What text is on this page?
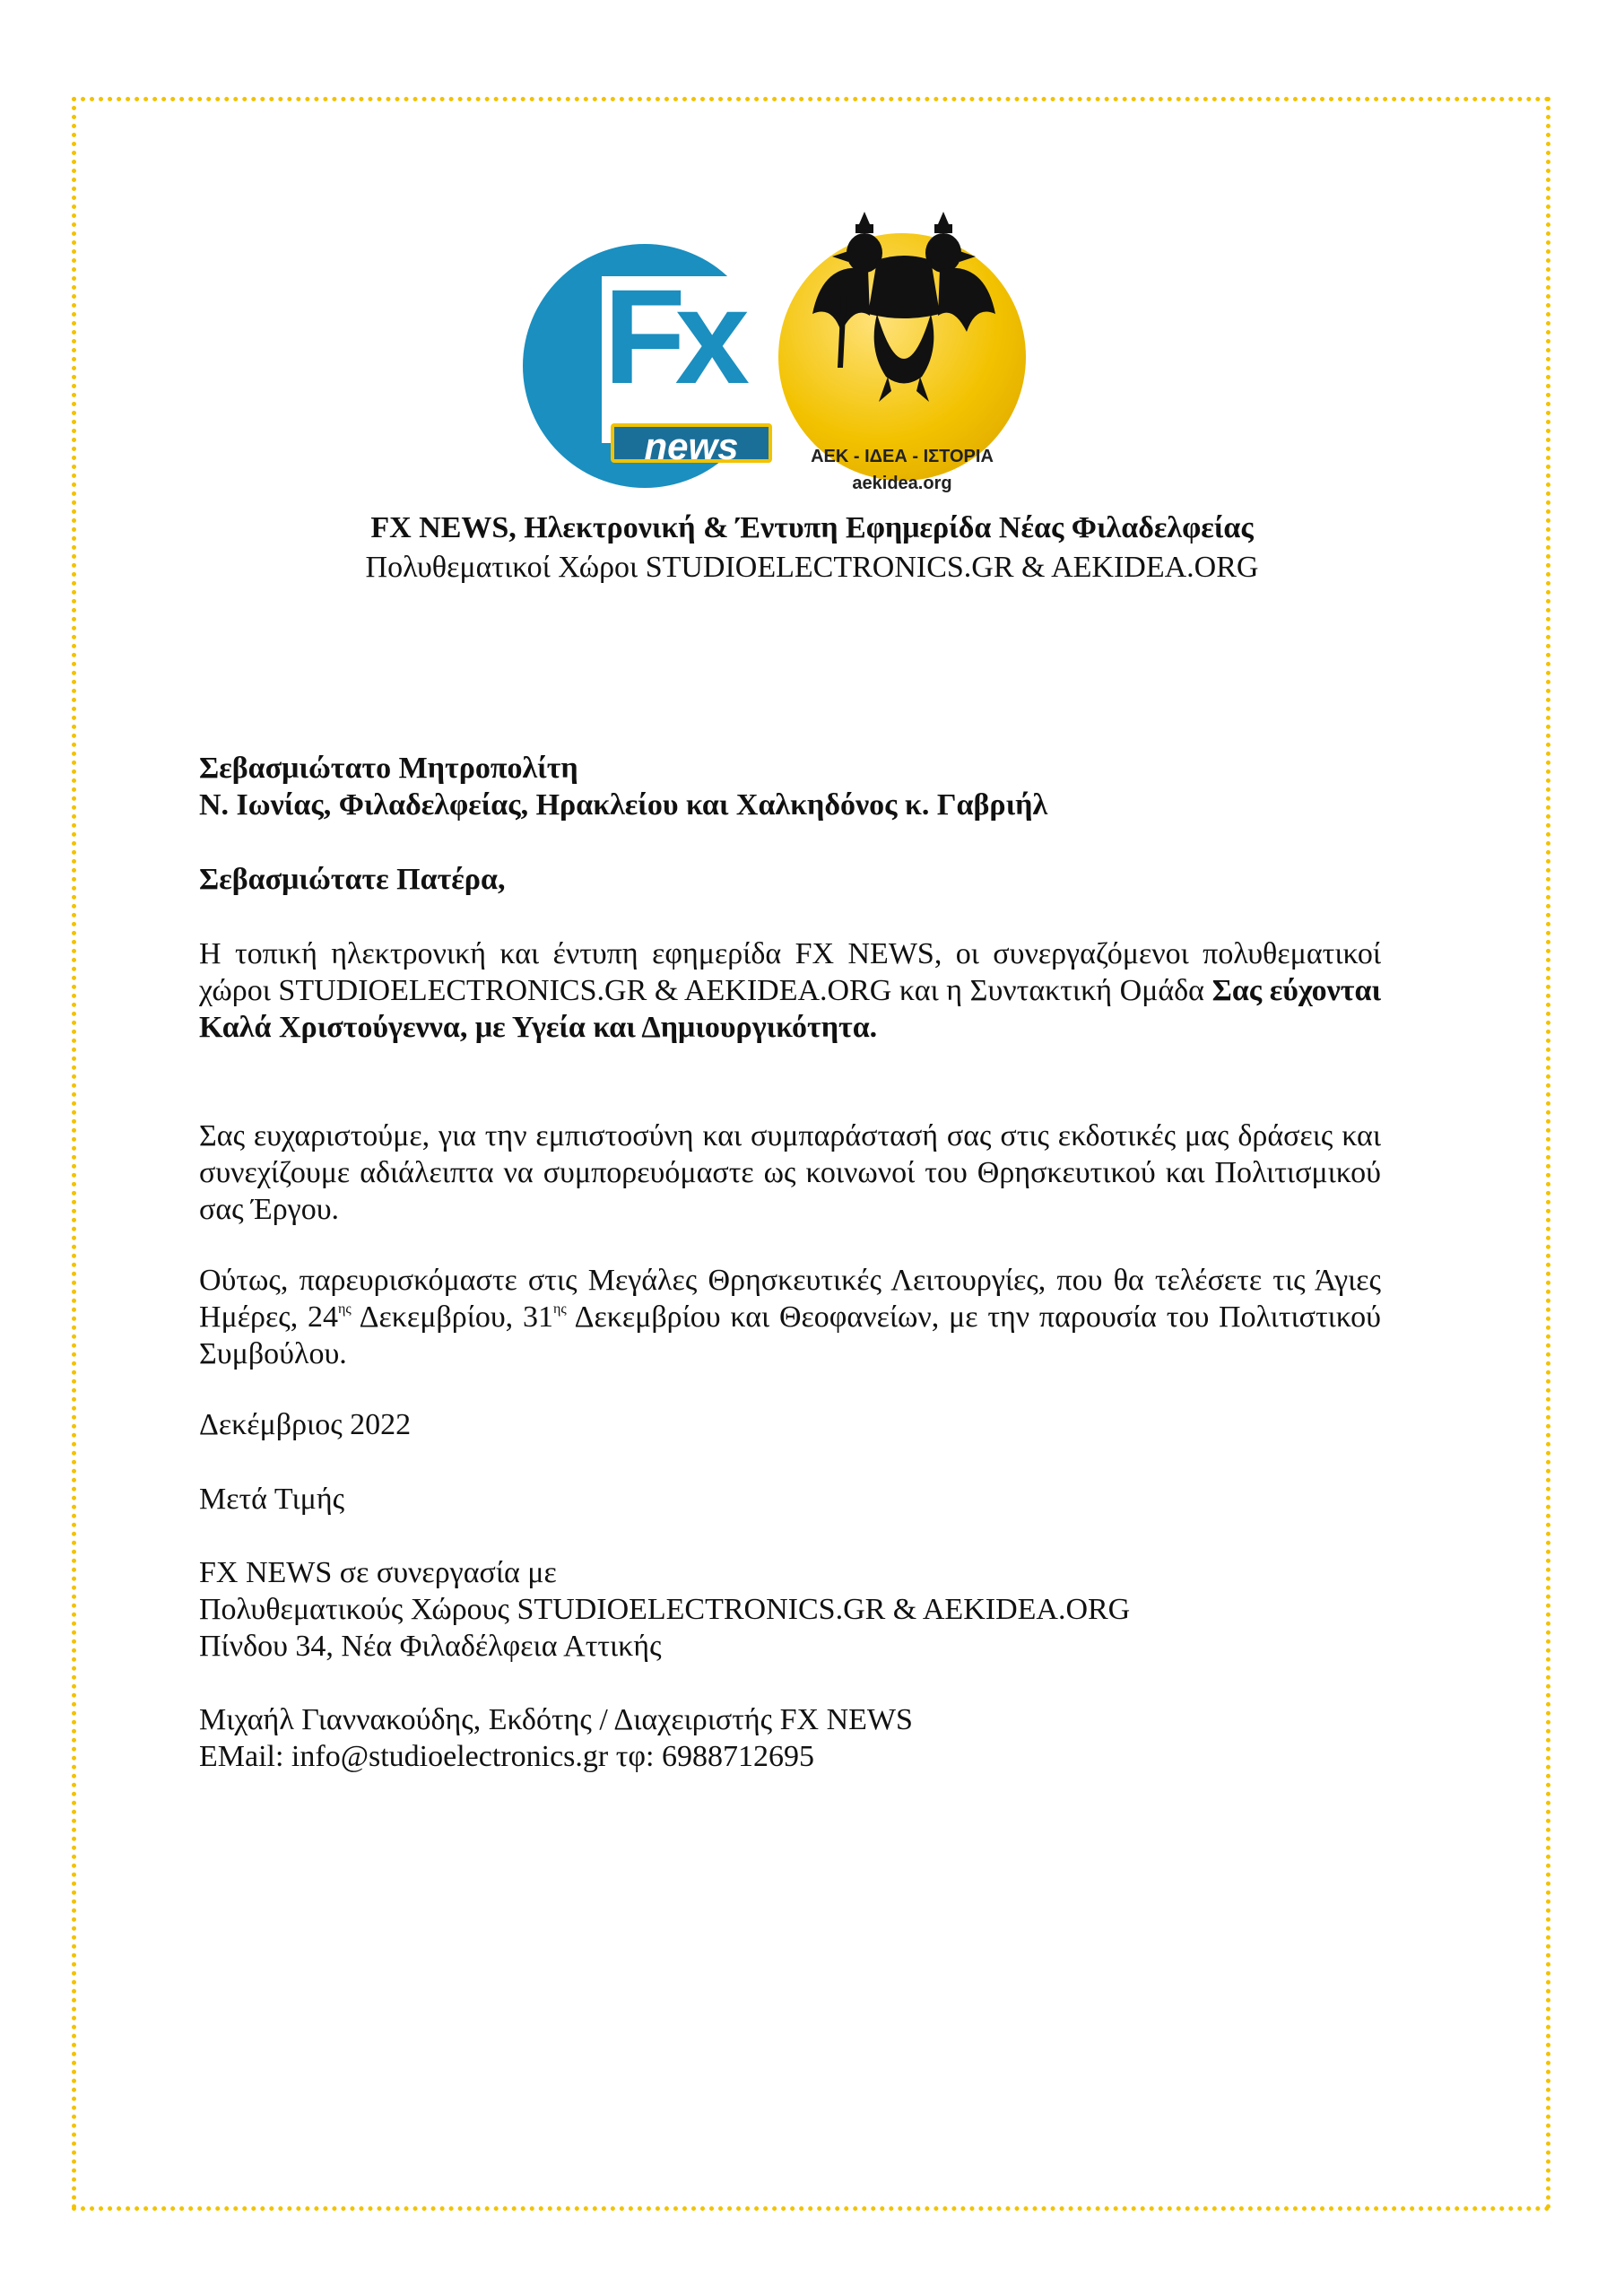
Fx
news	ΑΕΚ - ΙΔΕΑ - ΙΣΤΟΡΙΑ
aekidea.org
FX NEWS, Ηλεκτρονική & Έντυπη Εφημερίδα Νέας Φιλαδελφείας
Πολυθεματικοί Χώροι STUDIOELECTRONICS.GR & AEKIDEA.ORG

Σεβασμιώτατο Μητροπολίτη

Ν. Ιωνίας, Φιλαδελφείας, Ηρακλείου και Χαλκηδόνος κ. Γαβριήλ

Σεβασμιώτατε Πατέρα,

Η τοπική ηλεκτρονική και έντυπη εφημερίδα FX NEWS, οι συνεργαζόμενοι πολυθεματικοί χώροι STUDIOELECTRONICS.GR & AEKIDEA.ORG και η Συντακτική Ομάδα Σας εύχονται Καλά Χριστούγεννα, με Υγεία και Δημιουργικότητα.

Σας ευχαριστούμε, για την εμπιστοσύνη και συμπαράστασή σας στις εκδοτικές μας δράσεις και συνεχίζουμε αδιάλειπτα να συμπορευόμαστε ως κοινωνοί του Θρησκευτικού και Πολιτισμικού σας Έργου.

Ούτως, παρευρισκόμαστε στις Μεγάλες Θρησκευτικές Λειτουργίες, που θα τελέσετε τις Άγιες Ημέρες, $24^{\eta\varsigma}$ Δεκεμβρίου, $31^{\eta\varsigma}$ Δεκεμβρίου και Θεοφανείων, με την παρουσία του Πολιτιστικού Συμβούλου.

Δεκέμβριος 2022

Μετά Τιμής

FX NEWS σε συνεργασία με

Πολυθεματικούς Χώρους STUDIOELECTRONICS.GR & AEKIDEA.ORG

Πίνδου 34, Νέα Φιλαδέλφεια Αττικής

Μιχαήλ Γιαννακούδης, Εκδότης / Διαχειριστής FX NEWS

EMail: info@studioelectronics.gr τφ: 6988712695
